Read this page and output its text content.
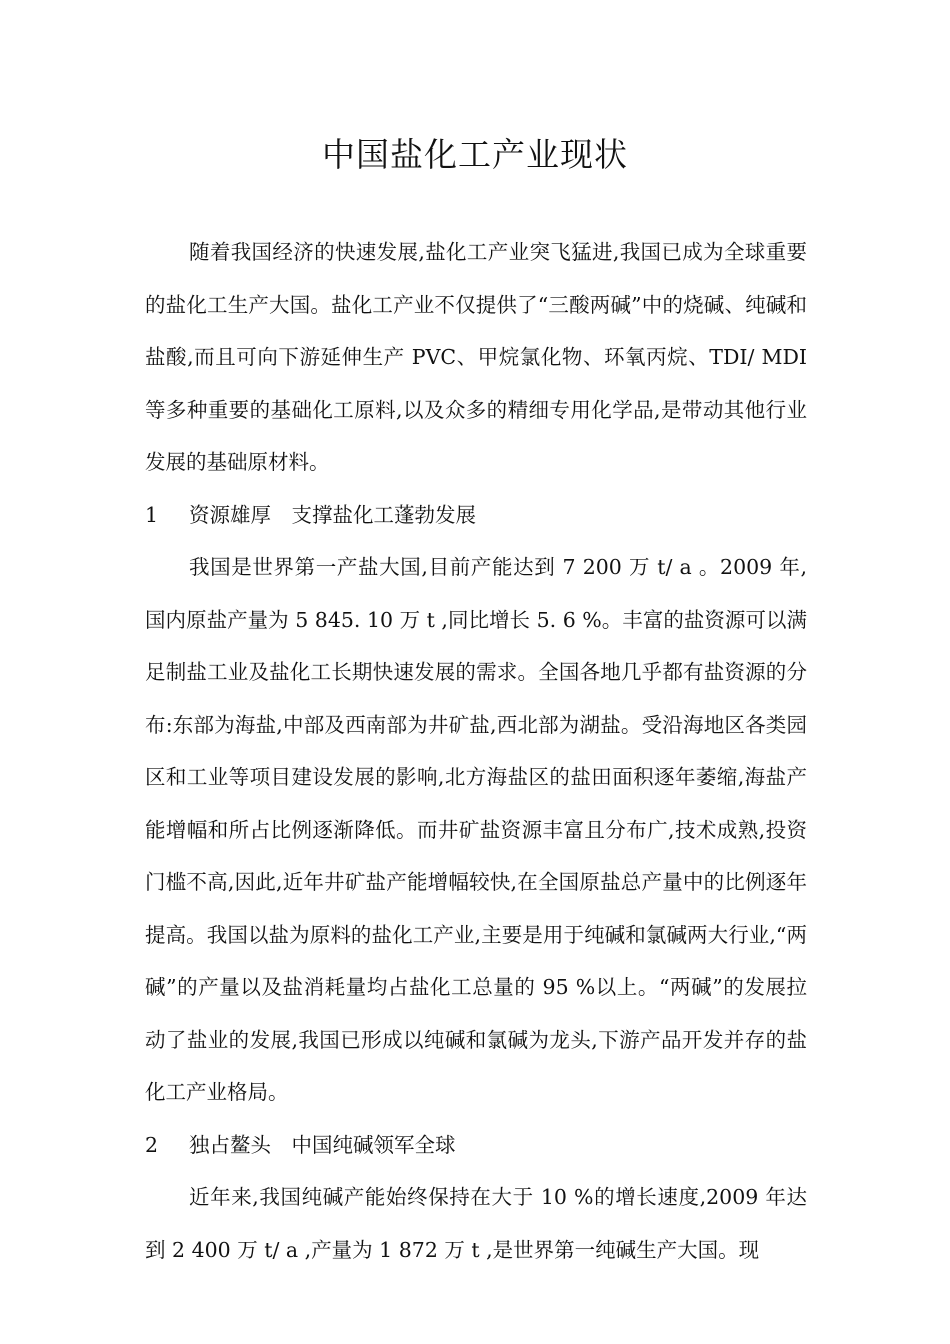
中国盐化工产业现状

随着我国经济的快速发展,盐化工产业突飞猛进,我国已成为全球重要的盐化工生产大国。盐化工产业不仅提供了“三酸两碱”中的烧碱、纯碱和盐酸,而且可向下游延伸生产 PVC、甲烷氯化物、环氧丙烷、TDI/ MDI 等多种重要的基础化工原料,以及众多的精细专用化学品,是带动其他行业发展的基础原材料。

1 资源雄厚　支撑盐化工蓬勃发展

我国是世界第一产盐大国,目前产能达到 7 200 万 t/ a 。2009 年,国内原盐产量为 5 845. 10 万 t ,同比增长 5. 6 %。丰富的盐资源可以满足制盐工业及盐化工长期快速发展的需求。全国各地几乎都有盐资源的分布:东部为海盐,中部及西南部为井矿盐,西北部为湖盐。受沿海地区各类园区和工业等项目建设发展的影响,北方海盐区的盐田面积逐年萎缩,海盐产能增幅和所占比例逐渐降低。而井矿盐资源丰富且分布广,技术成熟,投资门槛不高,因此,近年井矿盐产能增幅较快,在全国原盐总产量中的比例逐年提高。我国以盐为原料的盐化工产业,主要是用于纯碱和氯碱两大行业,“两碱”的产量以及盐消耗量均占盐化工总量的 95 %以上。“两碱”的发展拉动了盐业的发展,我国已形成以纯碱和氯碱为龙头,下游产品开发并存的盐化工产业格局。

2 独占鳌头　中国纯碱领军全球

近年来,我国纯碱产能始终保持在大于 10 %的增长速度,2009 年达到 2 400 万 t/ a ,产量为 1 872 万 t ,是世界第一纯碱生产大国。现
